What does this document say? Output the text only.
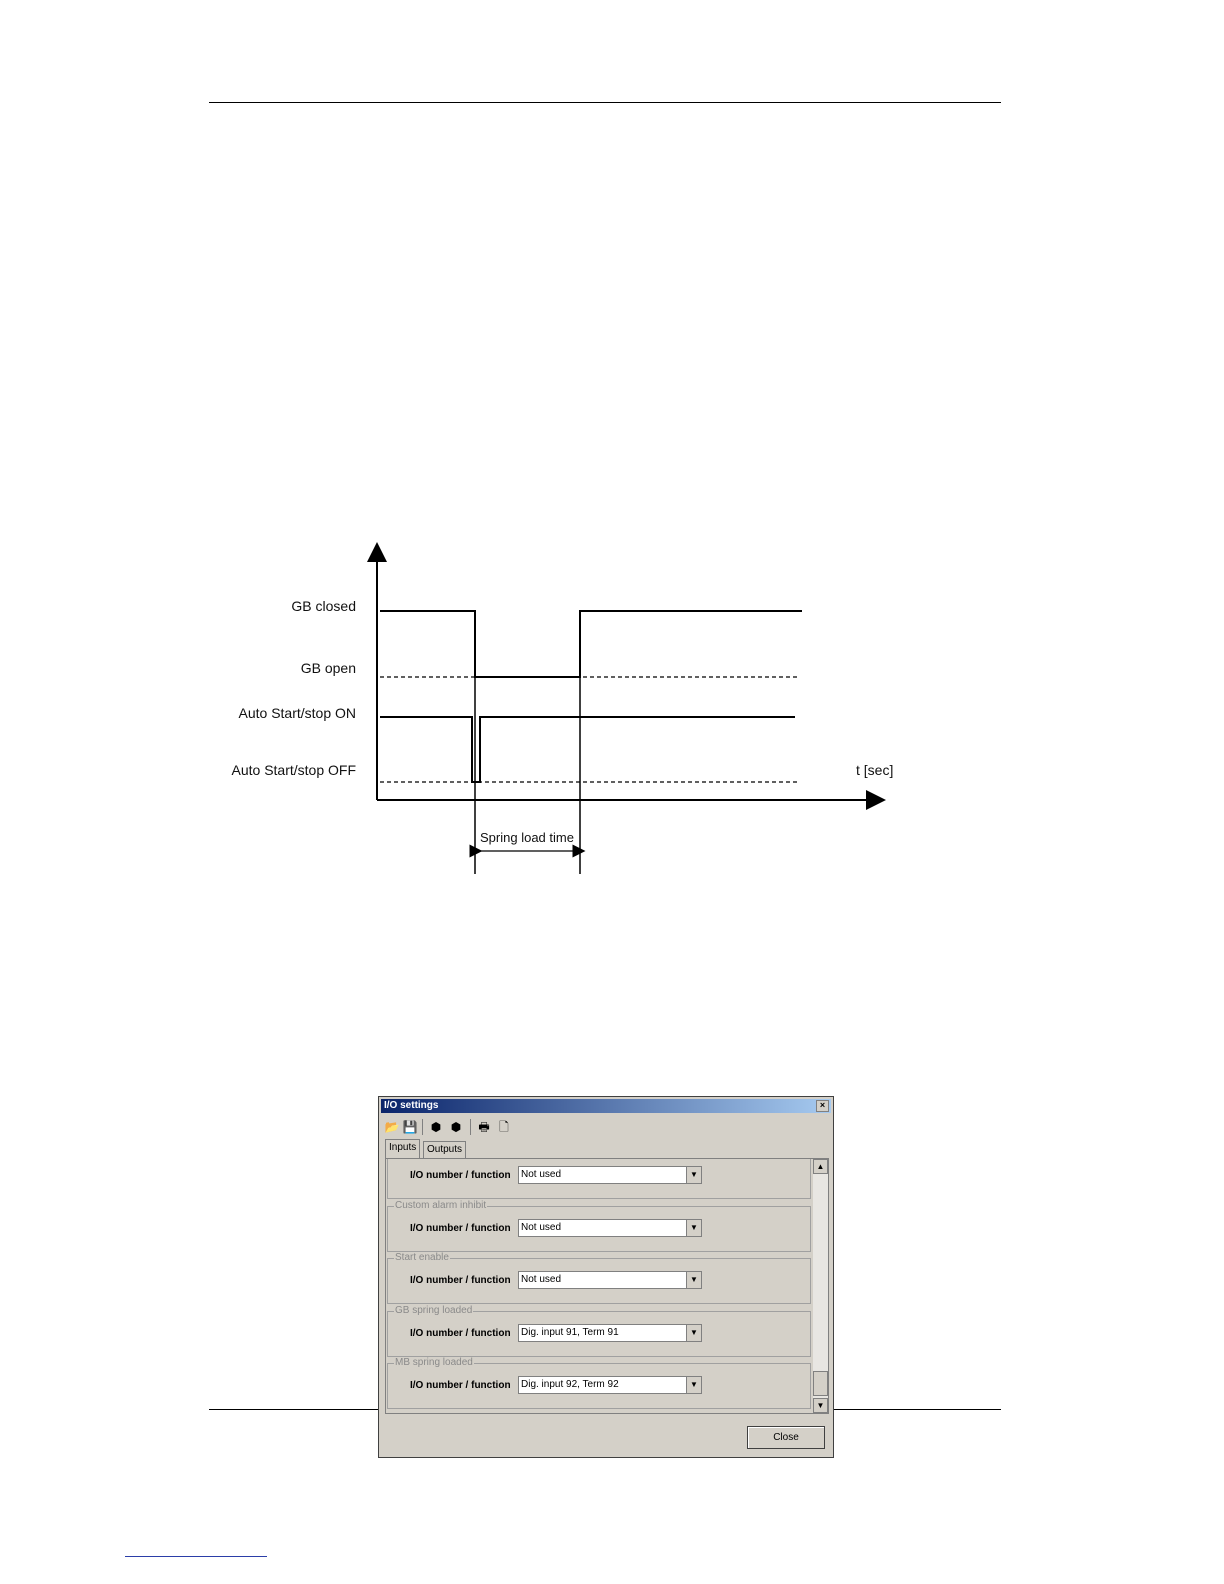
GB closed
GB open
Auto Start/stop ON
Auto Start/stop OFF	t [sec]
Spring load time
I/O settings	×
📂 💾 ⬢ ⬢ 🖶 🗋
Inputs	Outputs
I/O number / function	Not used	▼
Custom alarm inhibit
I/O number / function	Not used	▼
Start enable
I/O number / function	Not used	▼
GB spring loaded
I/O number / function	Dig. input 91, Term 91	▼
MB spring loaded
I/O number / function	Dig. input 92, Term 92	▼
▲
▼
Close
